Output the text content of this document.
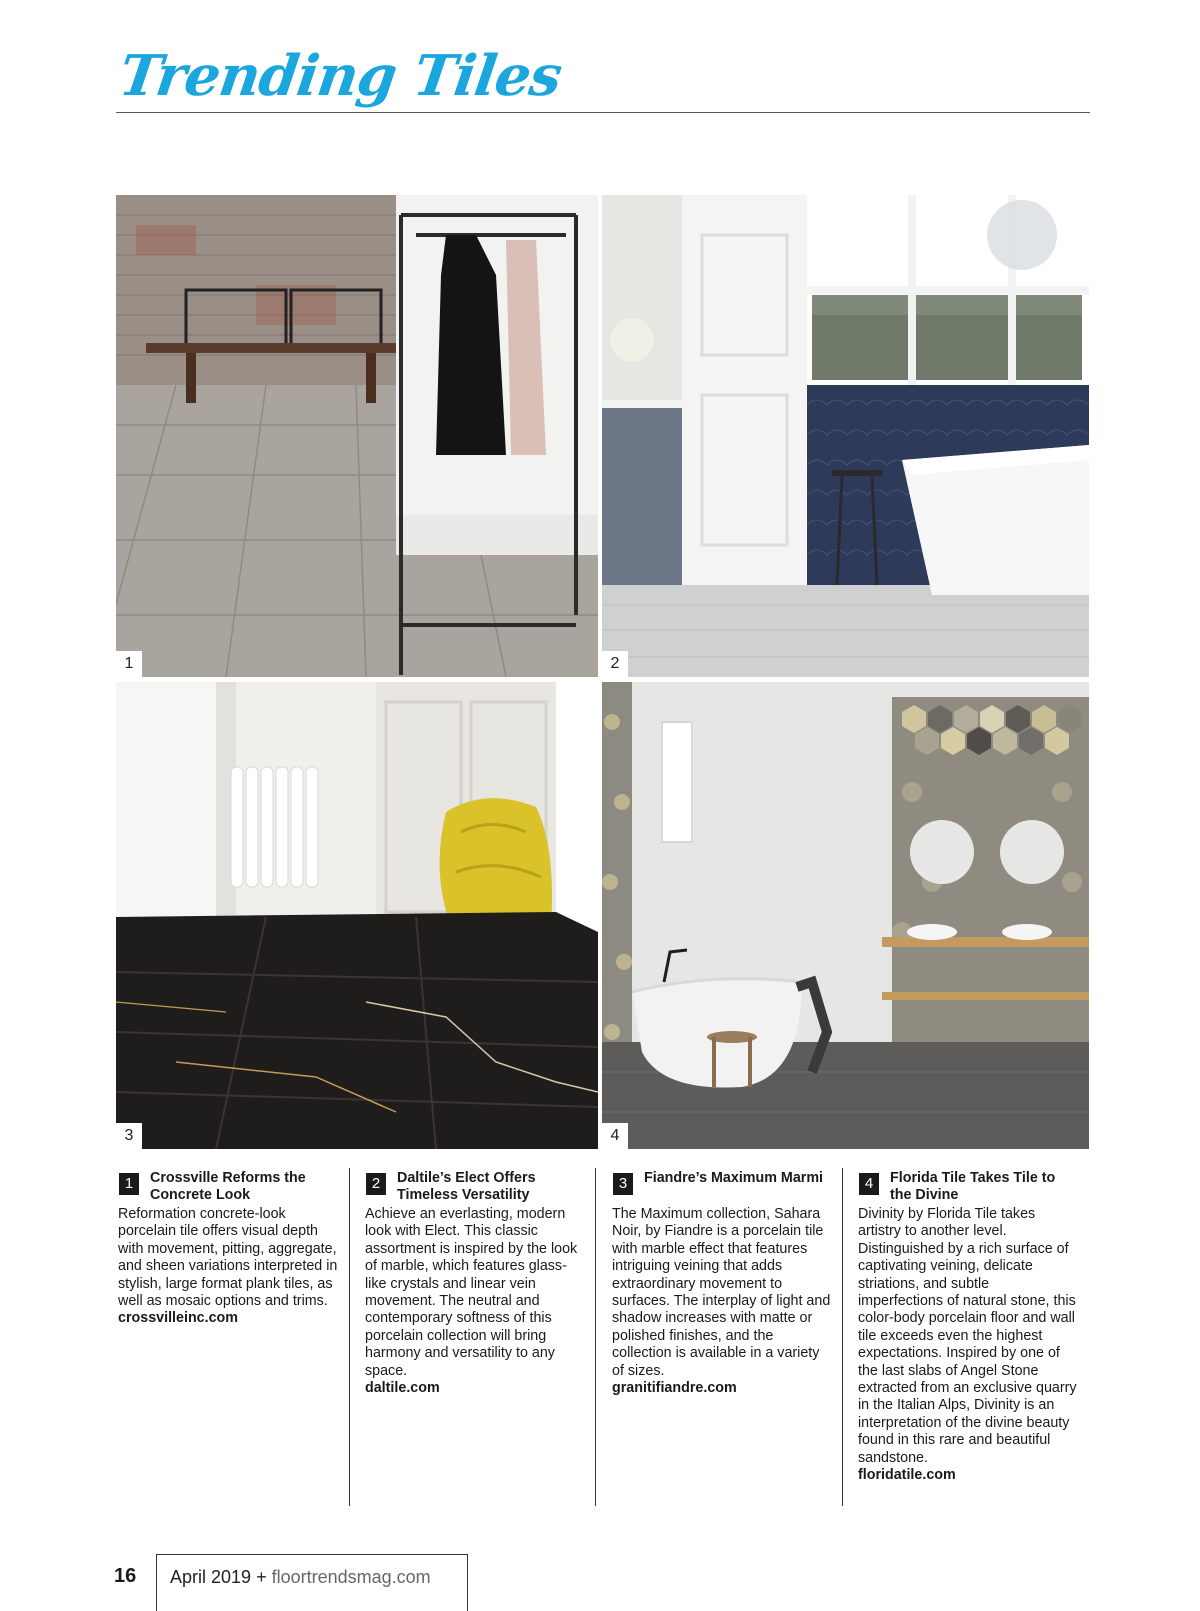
Trending Tiles
1	2
3	4
1	Crossville Reforms the Concrete Look
Reformation concrete-look porcelain tile offers visual depth with movement, pitting, aggregate, and sheen variations interpreted in stylish, large format plank tiles, as well as mosaic options and trims.
crossvilleinc.com
2	Daltile’s Elect Offers Timeless Versatility
Achieve an everlasting, modern look with Elect. This classic assortment is inspired by the look of marble, which features glass-like crystals and linear vein movement. The neutral and contemporary softness of this porcelain collection will bring harmony and versatility to any space.
daltile.com
3	Fiandre’s Maximum Marmi
The Maximum collection, Sahara Noir, by Fiandre is a porcelain tile with marble effect that features intriguing veining that adds extraordinary movement to surfaces. The interplay of light and shadow increases with matte or polished finishes, and the collection is available in a variety of sizes.
granitifiandre.com
4	Florida Tile Takes Tile to the Divine
Divinity by Florida Tile takes artistry to another level. Distinguished by a rich surface of captivating veining, delicate striations, and subtle imperfections of natural stone, this color-body porcelain floor and wall tile exceeds even the highest expectations. Inspired by one of the last slabs of Angel Stone extracted from an exclusive quarry in the Italian Alps, Divinity is an interpretation of the divine beauty found in this rare and beautiful sandstone.
floridatile.com
16 April 2019 + floortrendsmag.com
